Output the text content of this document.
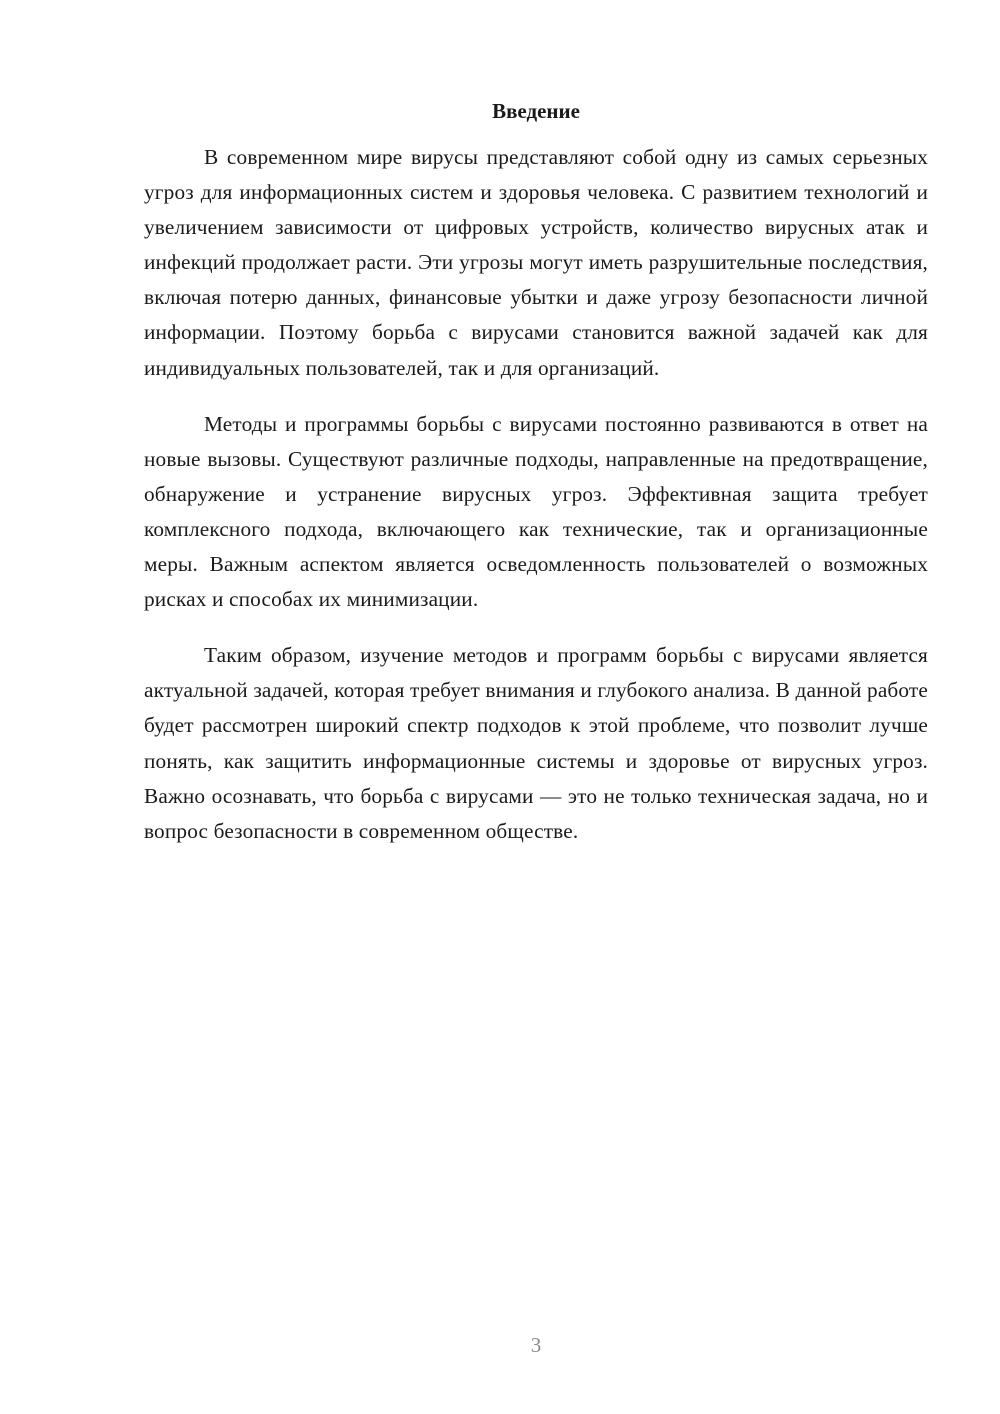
Введение

В современном мире вирусы представляют собой одну из самых серьезных угроз для информационных систем и здоровья человека. С развитием технологий и увеличением зависимости от цифровых устройств, количество вирусных атак и инфекций продолжает расти. Эти угрозы могут иметь разрушительные последствия, включая потерю данных, финансовые убытки и даже угрозу безопасности личной информации. Поэтому борьба с вирусами становится важной задачей как для индивидуальных пользователей, так и для организаций.

Методы и программы борьбы с вирусами постоянно развиваются в ответ на новые вызовы. Существуют различные подходы, направленные на предотвращение, обнаружение и устранение вирусных угроз. Эффективная защита требует комплексного подхода, включающего как технические, так и организационные меры. Важным аспектом является осведомленность пользователей о возможных рисках и способах их минимизации.

Таким образом, изучение методов и программ борьбы с вирусами является актуальной задачей, которая требует внимания и глубокого анализа. В данной работе будет рассмотрен широкий спектр подходов к этой проблеме, что позволит лучше понять, как защитить информационные системы и здоровье от вирусных угроз. Важно осознавать, что борьба с вирусами — это не только техническая задача, но и вопрос безопасности в современном обществе.

3
